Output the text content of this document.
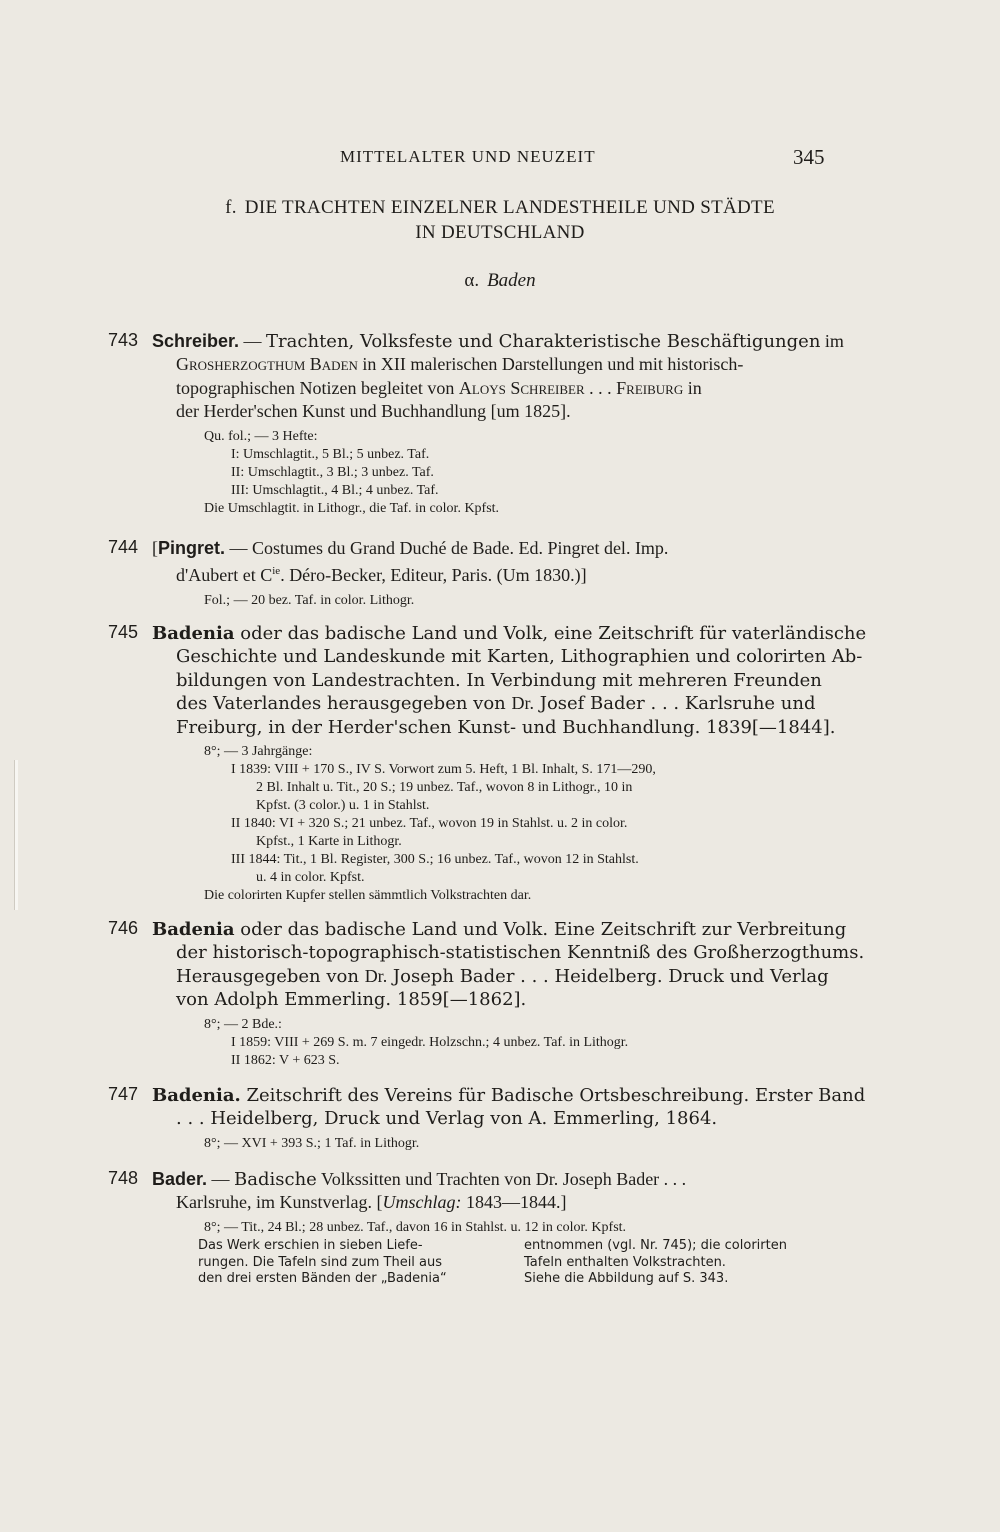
MITTELALTER UND NEUZEIT	345
f. DIE TRACHTEN EINZELNER LANDESTHEILE UND STÄDTE
IN DEUTSCHLAND
α. Baden
743 Schreiber. — Trachten, Volksfeste und Charakteristische Beschäftigungen im
Grosherzogthum Baden in XII malerischen Darstellungen und mit historisch-
topographischen Notizen begleitet von Aloys Schreiber . . . Freiburg in
der Herder'schen Kunst und Buchhandlung [um 1825].
Qu. fol.; — 3 Hefte:
I: Umschlagtit., 5 Bl.; 5 unbez. Taf.
II: Umschlagtit., 3 Bl.; 3 unbez. Taf.
III: Umschlagtit., 4 Bl.; 4 unbez. Taf.
Die Umschlagtit. in Lithogr., die Taf. in color. Kpfst.
744 [Pingret. — Costumes du Grand Duché de Bade. Ed. Pingret del. Imp.
d'Aubert et $C^{ie}$. Déro-Becker, Editeur, Paris. (Um 1830.)]
Fol.; — 20 bez. Taf. in color. Lithogr.
745 Badenia oder das badische Land und Volk, eine Zeitschrift für vaterländische
Geschichte und Landeskunde mit Karten, Lithographien und colorirten Ab-
bildungen von Landestrachten. In Verbindung mit mehreren Freunden
des Vaterlandes herausgegeben von Dr. Josef Bader . . . Karlsruhe und
Freiburg, in der Herder'schen Kunst- und Buchhandlung. 1839[—1844].
8°; — 3 Jahrgänge:
I 1839: VIII + 170 S., IV S. Vorwort zum 5. Heft, 1 Bl. Inhalt, S. 171—290,
2 Bl. Inhalt u. Tit., 20 S.; 19 unbez. Taf., wovon 8 in Lithogr., 10 in
Kpfst. (3 color.) u. 1 in Stahlst.
II 1840: VI + 320 S.; 21 unbez. Taf., wovon 19 in Stahlst. u. 2 in color.
Kpfst., 1 Karte in Lithogr.
III 1844: Tit., 1 Bl. Register, 300 S.; 16 unbez. Taf., wovon 12 in Stahlst.
u. 4 in color. Kpfst.
Die colorirten Kupfer stellen sämmtlich Volkstrachten dar.
746 Badenia oder das badische Land und Volk. Eine Zeitschrift zur Verbreitung
der historisch-topographisch-statistischen Kenntniß des Großherzogthums.
Herausgegeben von Dr. Joseph Bader . . . Heidelberg. Druck und Verlag
von Adolph Emmerling. 1859[—1862].
8°; — 2 Bde.:
I 1859: VIII + 269 S. m. 7 eingedr. Holzschn.; 4 unbez. Taf. in Lithogr.
II 1862: V + 623 S.
747 Badenia. Zeitschrift des Vereins für Badische Ortsbeschreibung. Erster Band
. . . Heidelberg, Druck und Verlag von A. Emmerling, 1864.
8°; — XVI + 393 S.; 1 Taf. in Lithogr.
748 Bader. — Badische Volkssitten und Trachten von Dr. Joseph Bader . . .
Karlsruhe, im Kunstverlag. [Umschlag: 1843—1844.]
8°; — Tit., 24 Bl.; 28 unbez. Taf., davon 16 in Stahlst. u. 12 in color. Kpfst.
Das Werk erschien in sieben Liefe-
rungen. Die Tafeln sind zum Theil aus
den drei ersten Bänden der „Badenia“
entnommen (vgl. Nr. 745); die colorirten
Tafeln enthalten Volkstrachten.
Siehe die Abbildung auf S. 343.
